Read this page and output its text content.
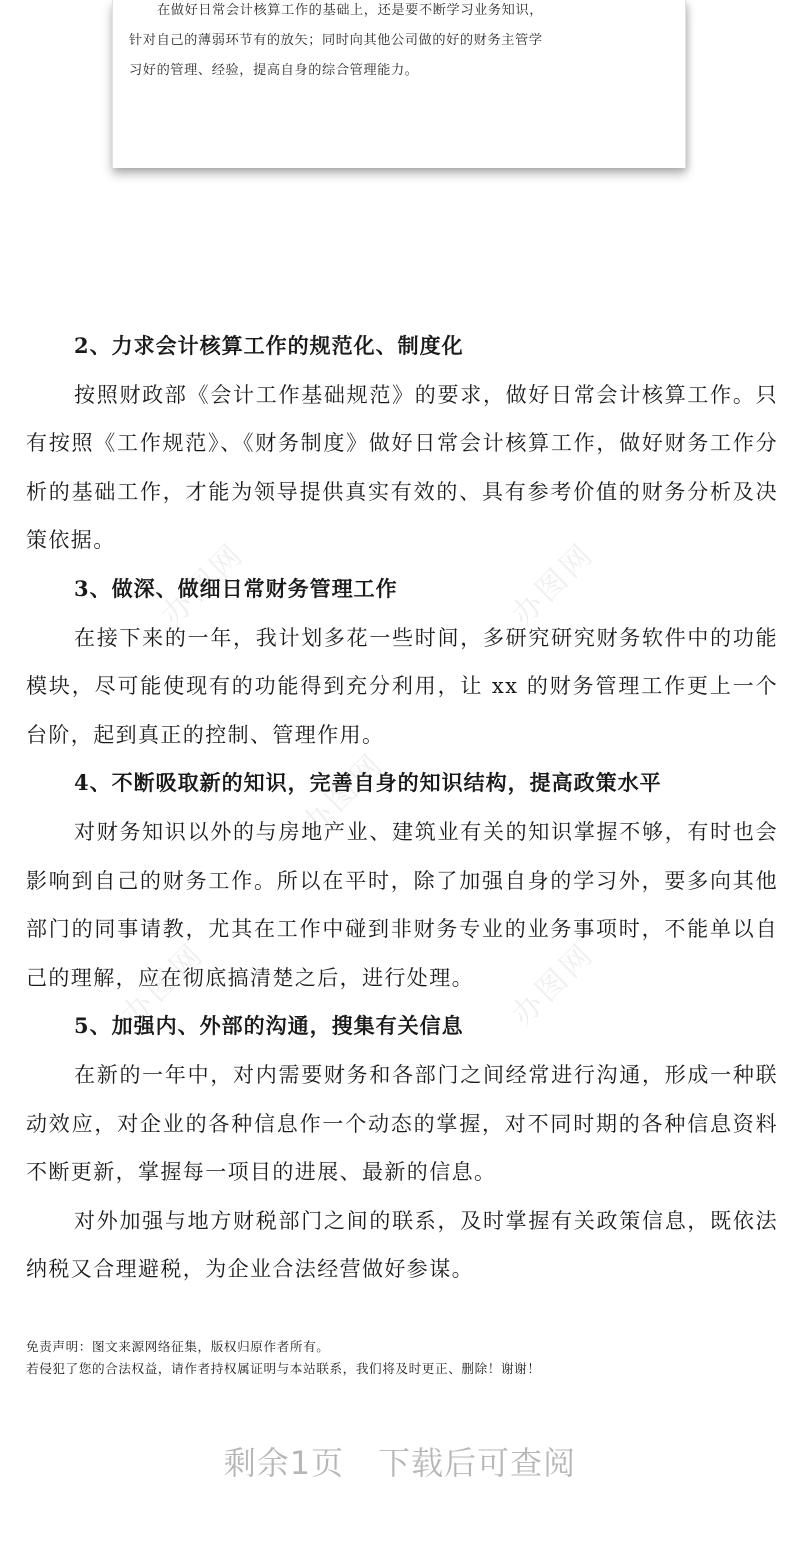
在做好日常会计核算工作的基础上，还是要不断学习业务知识，

针对自己的薄弱环节有的放矢；同时向其他公司做的好的财务主管学

习好的管理、经验，提高自身的综合管理能力。

办图网	办图网
办图网
办图网	办图网

2、力求会计核算工作的规范化、制度化

按照财政部《会计工作基础规范》的要求，做好日常会计核算工作。只有按照《工作规范》、《财务制度》做好日常会计核算工作，做好财务工作分析的基础工作，才能为领导提供真实有效的、具有参考价值的财务分析及决策依据。

3、做深、做细日常财务管理工作

在接下来的一年，我计划多花一些时间，多研究研究财务软件中的功能模块，尽可能使现有的功能得到充分利用，让 xx 的财务管理工作更上一个台阶，起到真正的控制、管理作用。

4、不断吸取新的知识，完善自身的知识结构，提高政策水平

对财务知识以外的与房地产业、建筑业有关的知识掌握不够，有时也会影响到自己的财务工作。所以在平时，除了加强自身的学习外，要多向其他部门的同事请教，尤其在工作中碰到非财务专业的业务事项时，不能单以自己的理解，应在彻底搞清楚之后，进行处理。

5、加强内、外部的沟通，搜集有关信息

在新的一年中，对内需要财务和各部门之间经常进行沟通，形成一种联动效应，对企业的各种信息作一个动态的掌握，对不同时期的各种信息资料不断更新，掌握每一项目的进展、最新的信息。

对外加强与地方财税部门之间的联系，及时掌握有关政策信息，既依法纳税又合理避税，为企业合法经营做好参谋。

免责声明：图文来源网络征集，版权归原作者所有。

若侵犯了您的合法权益，请作者持权属证明与本站联系，我们将及时更正、删除！谢谢！

剩余1页 下载后可查阅
